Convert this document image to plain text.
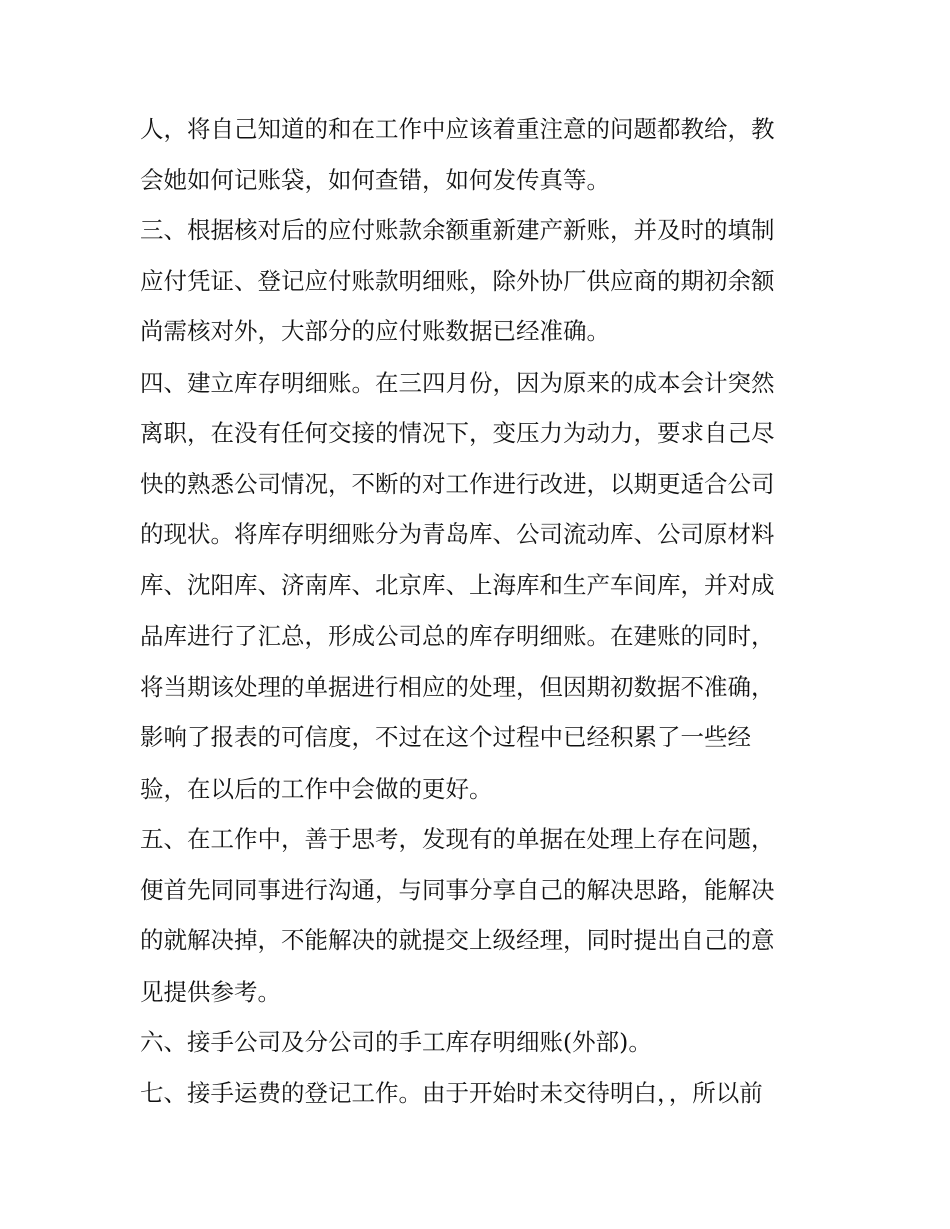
人，将自己知道的和在工作中应该着重注意的问题都教给，教

会她如何记账袋，如何查错，如何发传真等。

三、根据核对后的应付账款余额重新建产新账，并及时的填制

应付凭证、登记应付账款明细账，除外协厂供应商的期初余额

尚需核对外，大部分的应付账数据已经准确。

四、建立库存明细账。在三四月份，因为原来的成本会计突然

离职，在没有任何交接的情况下，变压力为动力，要求自己尽

快的熟悉公司情况，不断的对工作进行改进，以期更适合公司

的现状。将库存明细账分为青岛库、公司流动库、公司原材料

库、沈阳库、济南库、北京库、上海库和生产车间库，并对成

品库进行了汇总，形成公司总的库存明细账。在建账的同时，

将当期该处理的单据进行相应的处理，但因期初数据不准确，

影响了报表的可信度，不过在这个过程中已经积累了一些经

验，在以后的工作中会做的更好。

五、在工作中，善于思考，发现有的单据在处理上存在问题，

便首先同同事进行沟通，与同事分享自己的解决思路，能解决

的就解决掉，不能解决的就提交上级经理，同时提出自己的意

见提供参考。

六、接手公司及分公司的手工库存明细账(外部)。

七、接手运费的登记工作。由于开始时未交待明白，，所以前
